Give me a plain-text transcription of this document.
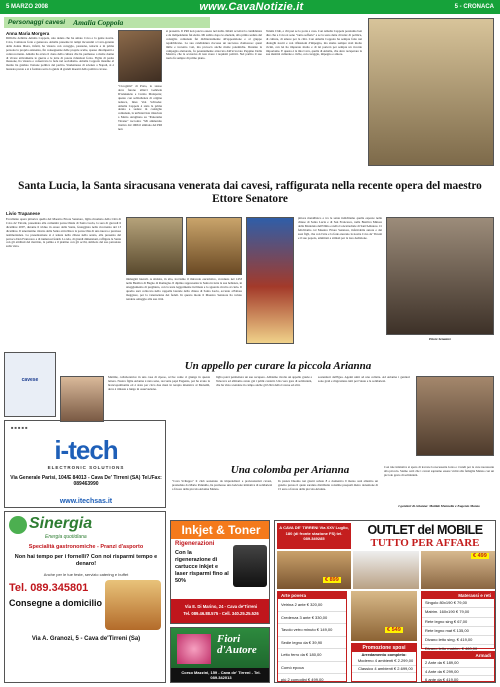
5 MARZO 2008	www.CavaNotizie.it	5 - CRONACA
Personaggi cavesi Amalia Coppola
Anna Maria Morgera
Difficile definire Amalia Coppola, una donna che ha amato Cava e la gente nostra. Cava, Cantatore forte e generosa. Amalia presente in tempi incostanti a Cava-gerente della donna libera, infatti, ha vissuto con coraggio, passione, tenacia e in prima persona la propria esistenza, fin conseguenze delle proprie scelte, spesso dirompenti e controcorrente. Amalia ha avuto il dono della cultura che ha permesso a molte donne di vivere attivamente le guerre e le lotte di potere ridandosi forza. Figlia di padre massone, ha vissuto e conservato la fede nel socialismo. Amalia Coppola insieme al marito ha guidato l'azione politica del partito. Studentessa di scienze a Napoli, si è laureata presto e si è formata sotto la guida di grandi maestri della politica cavese.
"Cicognini" di Prato, lo stesso dove furono allievi Gabriele D'Annunzio e Curzio Malaparte; questo con sobbollenza di origine tedesca, lines Von Schroder. Amalia Coppola è stata la prima donna a sedere in consiglio comunale, la un'intervista rilasciata a Mario Avagliano su "Panorama Tirreno" racconta: "Mi ammonito tirativo dal 1966 il simbolo del PRI non
si presentò. Il PRI non poteva essere nel nulla. Infatti accettai la candidatura e da indipendente fui eletta. Mi subito dopo le elezioni, alla prima seduta del consiglio comunale fui dichiaratamente all'opposizione e al gruppo repubblicano. La sua candidatura riscosse un successo clamoroso: quasi mille e trecento voti, ma provocò anche molte polemiche. Durante la campagna elettorale, fu pesantemente attaccata dall'avvocato Peppino Della Monica, che la accusava di non avere i requisiti politici. Nel partito il suo ruolo fu sempre di primo piano.
Tennis Club, e chi può se lo porta a casa. Con Amalia Coppola possiamo ben dire che a Cava si sono "tanto sofferte" e se la sono dette di tutte: di politica, di cultura, di amore per la città. Con Amalia Coppola ha sempre fatto nei dialoghi nostri e con riflessioni d'impegno, ma siamo sempre stati molto vicini, con lei ho imparato molto e di lei porterò per sempre un ricordo importante. E questa è la mia Cava, quella di Amalia, che deve recuperare la sua identità culturale e civile, con coraggio, impegno e amore.
Santa Lucia, la Santa siracusana venerata dai cavesi, raffigurata nella recente opera del maestro Ettore Senatore
Livio Trapanese
Eccellente opera pittorica quella del Maestro Ettore Senatore, figlio rinomato della Città di Cava de' Tirreni, presentata alla comunità parrocchiale di Santa Lucia, la sera di giovedì 6 dicembre 2007, durante il triduo in onore della Santa, festeggiata nella ricorrenza del 13 dicembre. Il tenerissimo ritratto della Santa arricchisce la parrocchia di una nuova e preziosa testimonianza. La presentazione si è tenuta nella chiesa nella serata, alla presenza del parroco Don Francesco e di numerosi fedeli. La tela, di grandi dimensioni, raffigura la Santa con gli attributi del martirio, la palma e il piattino con gli occhi, simbolo del suo patronato sulla vista.
immagini laterali. A sinistra, in alto, troviamo il miracolo eucaristico, avvenuto nel 1433 nella Basilica di Bagno di Romagna. Il dipinto rappresenta la Santa in tutta la sua bellezza, in atteggiamento di preghiera, con la testa leggermente inclinata e lo sguardo rivolto al cielo. Il quadro sarà collocato nella cappella laterale della chiesa di Santa Lucia, accanto all'altare maggiore, per la venerazione dei fedeli. In questo modo il Maestro Senatore ha voluto rendere omaggio alla sua città.
pittore metaffisico e tra le sante indichiamo quelle esposte nelle chiese di Santa Lucia e di San Francesco, nella Basilica Minore della Madonna dell'Olmo e nella Concattedrale di Sant'Adiutore. Ci felicitiamo col Maestro Ettore Senatore, infaticabile autore e dei suoi figli, che con l'arte e la fede onorano la nostra Cava de' Tirreni e il suo popolo, ammirati e stimati per la loro dedizione.
Ettore Senatore
cavese
■ ■ ■ ■ ■
i-tech
ELECTRONIC SOLUTIONS
Via Generale Parisi, 104/E 84013 - Cava De' Tirreni (SA) Tel./Fax: 089463990
www.itechsas.it
Sinergia
Energia quotidiana
Specialità gastronomiche - Pranzi d'asporto
Non hai tempo per i fornelli? Con noi risparmi tempo e denaro!
Anche per le tue feste, servizio catering e buffet
Tel. 089.345801
Consegne a domicilio
Via A. Granozi, 5 - Cava de'Tirreni (Sa)
Un appello per curare la piccola Arianna
Matilde, collaboratrice in una casa di riposo, scrive come ci giunge in questa lettera. Nostra figlia Arianna è nata sana, racconta papà Eugenio, poi ha avuto la broncopolmonite ed è stata per circa due mesi in terapia intensiva al Monaldi, dove è rimasta a lungo in osservazione.
figlia potrà permettere un suo recupero. Abbiamo rivolto un appello grazie a Telecava ed abbiamo avuto già i primi contatti. Una vera gara di solidarietà, che ha visto scendere in campo anche gli Ultrà della Cavese ed altri.
sostenitori dell'Igea. Agenti uniti ad una colletta. Ad Arianna i genitori sono grati e ringraziano tutti per l'aiuto e la solidarietà.
Una colomba per Arianna
"Cava Sviluppo" il club sostenuto da imprenditori e professionisti cavesi, presieduto da Mario Pannullo, ha promosso una lodevole iniziativa di solidarietà a favore della piccola Arianna Manzo.
In piazza Duomo nei giorni sabato 8 e domenica 9 marzo sarà allestito un gazebo presso il quale saranno distribuite colombe pasquali dietro donazione di 15 euro a favore della piccola Arianna.
Con tale iniziativa si spera di trovare la necessaria forza e i fondi per le cure necessarie alla piccola. Siamo certi che i cavesi sapranno essere vicini alla famiglia Manzo con un piccolo gesto di solidarietà.
I genitori di Arianna: Matilde Mennella e Eugenio Manzo
Inkjet & Toner
Rigenerazioni
Con la rigenerazione di cartucce inkjet e laser risparmi fino al 50%
Via E. Di Marino, 24 - Cava de'Tirreni
Tel. 089.46.88.575 - Cell. 340.25.25.526
Fiori d'Autore
Corso Mazzini, 159 - Cava de' Tirreni - Tel. 089.342013
A CAVA DE' TIRRENI Via XXV Luglio, 180 (di fronte stazione FS) tel. 089.349285
OUTLET del MOBILE
TUTTO PER AFFARE
€ 899
€ 499
Arte povera
Vetrina 2 ante € 320,00
Credenza 3 ante € 330,00
Tavolo vetro minuto € 149,00
Sedie legno da € 39,90
Letto ferro da € 180,00
Comò epoca
più 2 comodini € 499,00
€ 549
Promozione sposi
Arredamento completo:
Moderno 4 ambienti € 2.299,00
Classico 4 ambienti € 2.699,00
Materassi e reti
Singolo 80x190 € 79,00
Matrim. 160x190 € 79,00
Rete legno sing € 67,00
Rete legno mat € 135,00
Divano letto sing. € 419,00
Divano letto matrim. € 460,00
Armadi
2 Ante da € 189,00
4 Ante da € 299,00
6 ante da € 419,00
